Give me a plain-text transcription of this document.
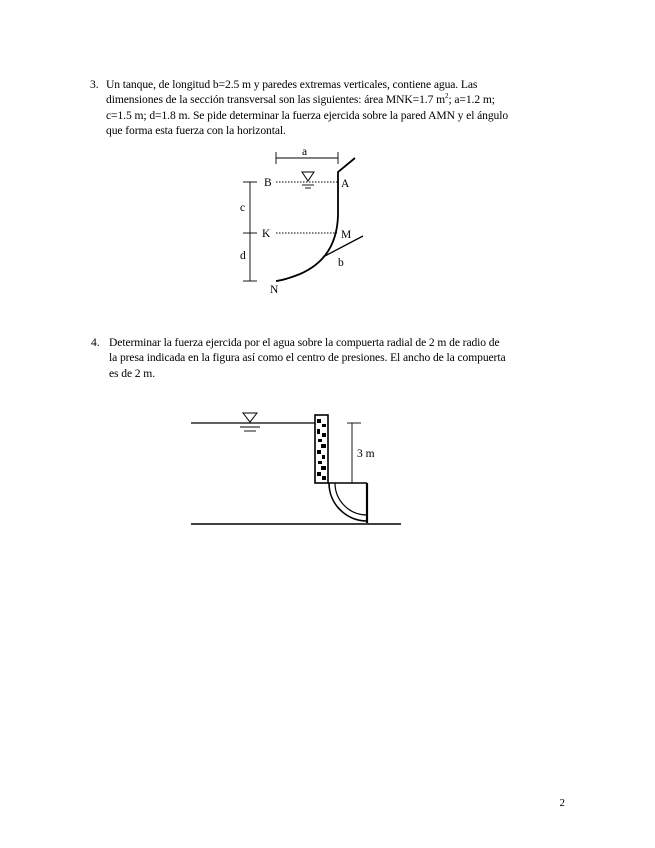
3. Un tanque, de longitud b=2.5 m y paredes extremas verticales, contiene agua. Las
dimensiones de la sección transversal son las siguientes: área MNK=1.7 $m^2$; a=1.2 m;
c=1.5 m; d=1.8 m. Se pide determinar la fuerza ejercida sobre la pared AMN y el ángulo
que forma esta fuerza con la horizontal.
a
c
d
B	A
K	M
b
N
4. Determinar la fuerza ejercida por el agua sobre la compuerta radial de 2 m de radio de
la presa indicada en la figura así como el centro de presiones. El ancho de la compuerta
es de 2 m.
3 m
2
